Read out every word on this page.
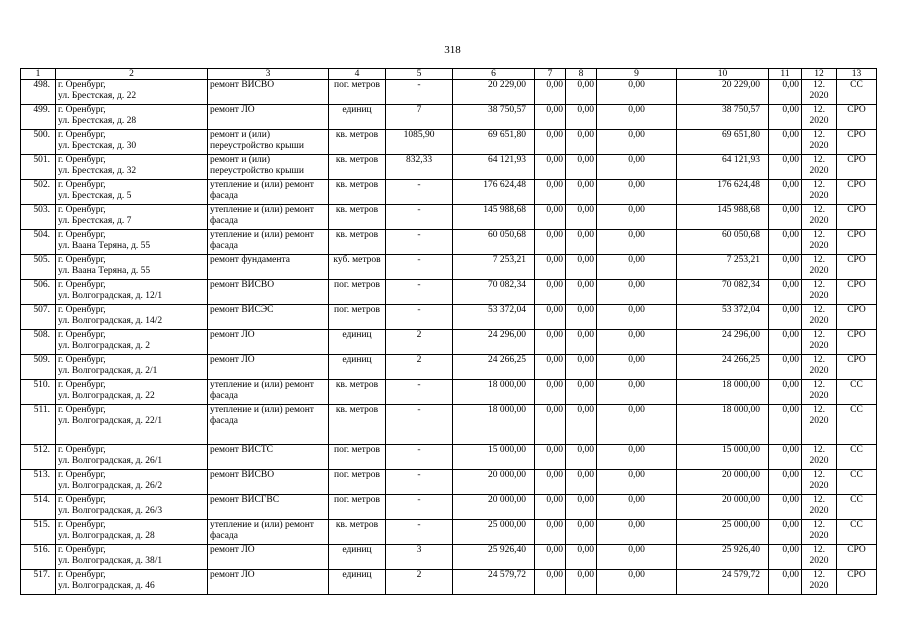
318
1	2	3	4	5	6	7	8	9	10	11	12	13

498.	г. Оренбург,
ул. Брестская, д. 22	ремонт ВИСВО	пог. метров	-	20 229,00	0,00	0,00	0,00	20 229,00	0,00	12. 2020	СС

499.	г. Оренбург,
ул. Брестская, д. 28	ремонт ЛО	единиц	7	38 750,57	0,00	0,00	0,00	38 750,57	0,00	12. 2020	СРО

500.	г. Оренбург,
ул. Брестская, д. 30	ремонт и (или) переустройство крыши	кв. метров	1085,90	69 651,80	0,00	0,00	0,00	69 651,80	0,00	12. 2020	СРО

501.	г. Оренбург,
ул. Брестская, д. 32	ремонт и (или) переустройство крыши	кв. метров	832,33	64 121,93	0,00	0,00	0,00	64 121,93	0,00	12. 2020	СРО

502.	г. Оренбург,
ул. Брестская, д. 5	утепление и (или) ремонт фасада	кв. метров	-	176 624,48	0,00	0,00	0,00	176 624,48	0,00	12. 2020	СРО

503.	г. Оренбург,
ул. Брестская, д. 7	утепление и (или) ремонт фасада	кв. метров	-	145 988,68	0,00	0,00	0,00	145 988,68	0,00	12. 2020	СРО

504.	г. Оренбург,
ул. Ваана Теряна, д. 55	утепление и (или) ремонт фасада	кв. метров	-	60 050,68	0,00	0,00	0,00	60 050,68	0,00	12. 2020	СРО

505.	г. Оренбург,
ул. Ваана Теряна, д. 55	ремонт фундамента	куб. метров	-	7 253,21	0,00	0,00	0,00	7 253,21	0,00	12. 2020	СРО

506.	г. Оренбург,
ул. Волгоградская, д. 12/1	ремонт ВИСВО	пог. метров	-	70 082,34	0,00	0,00	0,00	70 082,34	0,00	12. 2020	СРО

507.	г. Оренбург,
ул. Волгоградская, д. 14/2	ремонт ВИСЭС	пог. метров	-	53 372,04	0,00	0,00	0,00	53 372,04	0,00	12. 2020	СРО

508.	г. Оренбург,
ул. Волгоградская, д. 2	ремонт ЛО	единиц	2	24 296,00	0,00	0,00	0,00	24 296,00	0,00	12. 2020	СРО

509.	г. Оренбург,
ул. Волгоградская, д. 2/1	ремонт ЛО	единиц	2	24 266,25	0,00	0,00	0,00	24 266,25	0,00	12. 2020	СРО

510.	г. Оренбург,
ул. Волгоградская, д. 22	утепление и (или) ремонт фасада	кв. метров	-	18 000,00	0,00	0,00	0,00	18 000,00	0,00	12. 2020	СС

511.	г. Оренбург,
ул. Волгоградская, д. 22/1	утепление и (или) ремонт фасада	кв. метров	-	18 000,00	0,00	0,00	0,00	18 000,00	0,00	12. 2020	СС

512.	г. Оренбург,
ул. Волгоградская, д. 26/1	ремонт ВИСТС	пог. метров	-	15 000,00	0,00	0,00	0,00	15 000,00	0,00	12. 2020	СС

513.	г. Оренбург,
ул. Волгоградская, д. 26/2	ремонт ВИСВО	пог. метров	-	20 000,00	0,00	0,00	0,00	20 000,00	0,00	12. 2020	СС

514.	г. Оренбург,
ул. Волгоградская, д. 26/3	ремонт ВИСГВС	пог. метров	-	20 000,00	0,00	0,00	0,00	20 000,00	0,00	12. 2020	СС

515.	г. Оренбург,
ул. Волгоградская, д. 28	утепление и (или) ремонт фасада	кв. метров	-	25 000,00	0,00	0,00	0,00	25 000,00	0,00	12. 2020	СС

516.	г. Оренбург,
ул. Волгоградская, д. 38/1	ремонт ЛО	единиц	3	25 926,40	0,00	0,00	0,00	25 926,40	0,00	12. 2020	СРО

517.	г. Оренбург,
ул. Волгоградская, д. 46	ремонт ЛО	единиц	2	24 579,72	0,00	0,00	0,00	24 579,72	0,00	12. 2020	СРО
